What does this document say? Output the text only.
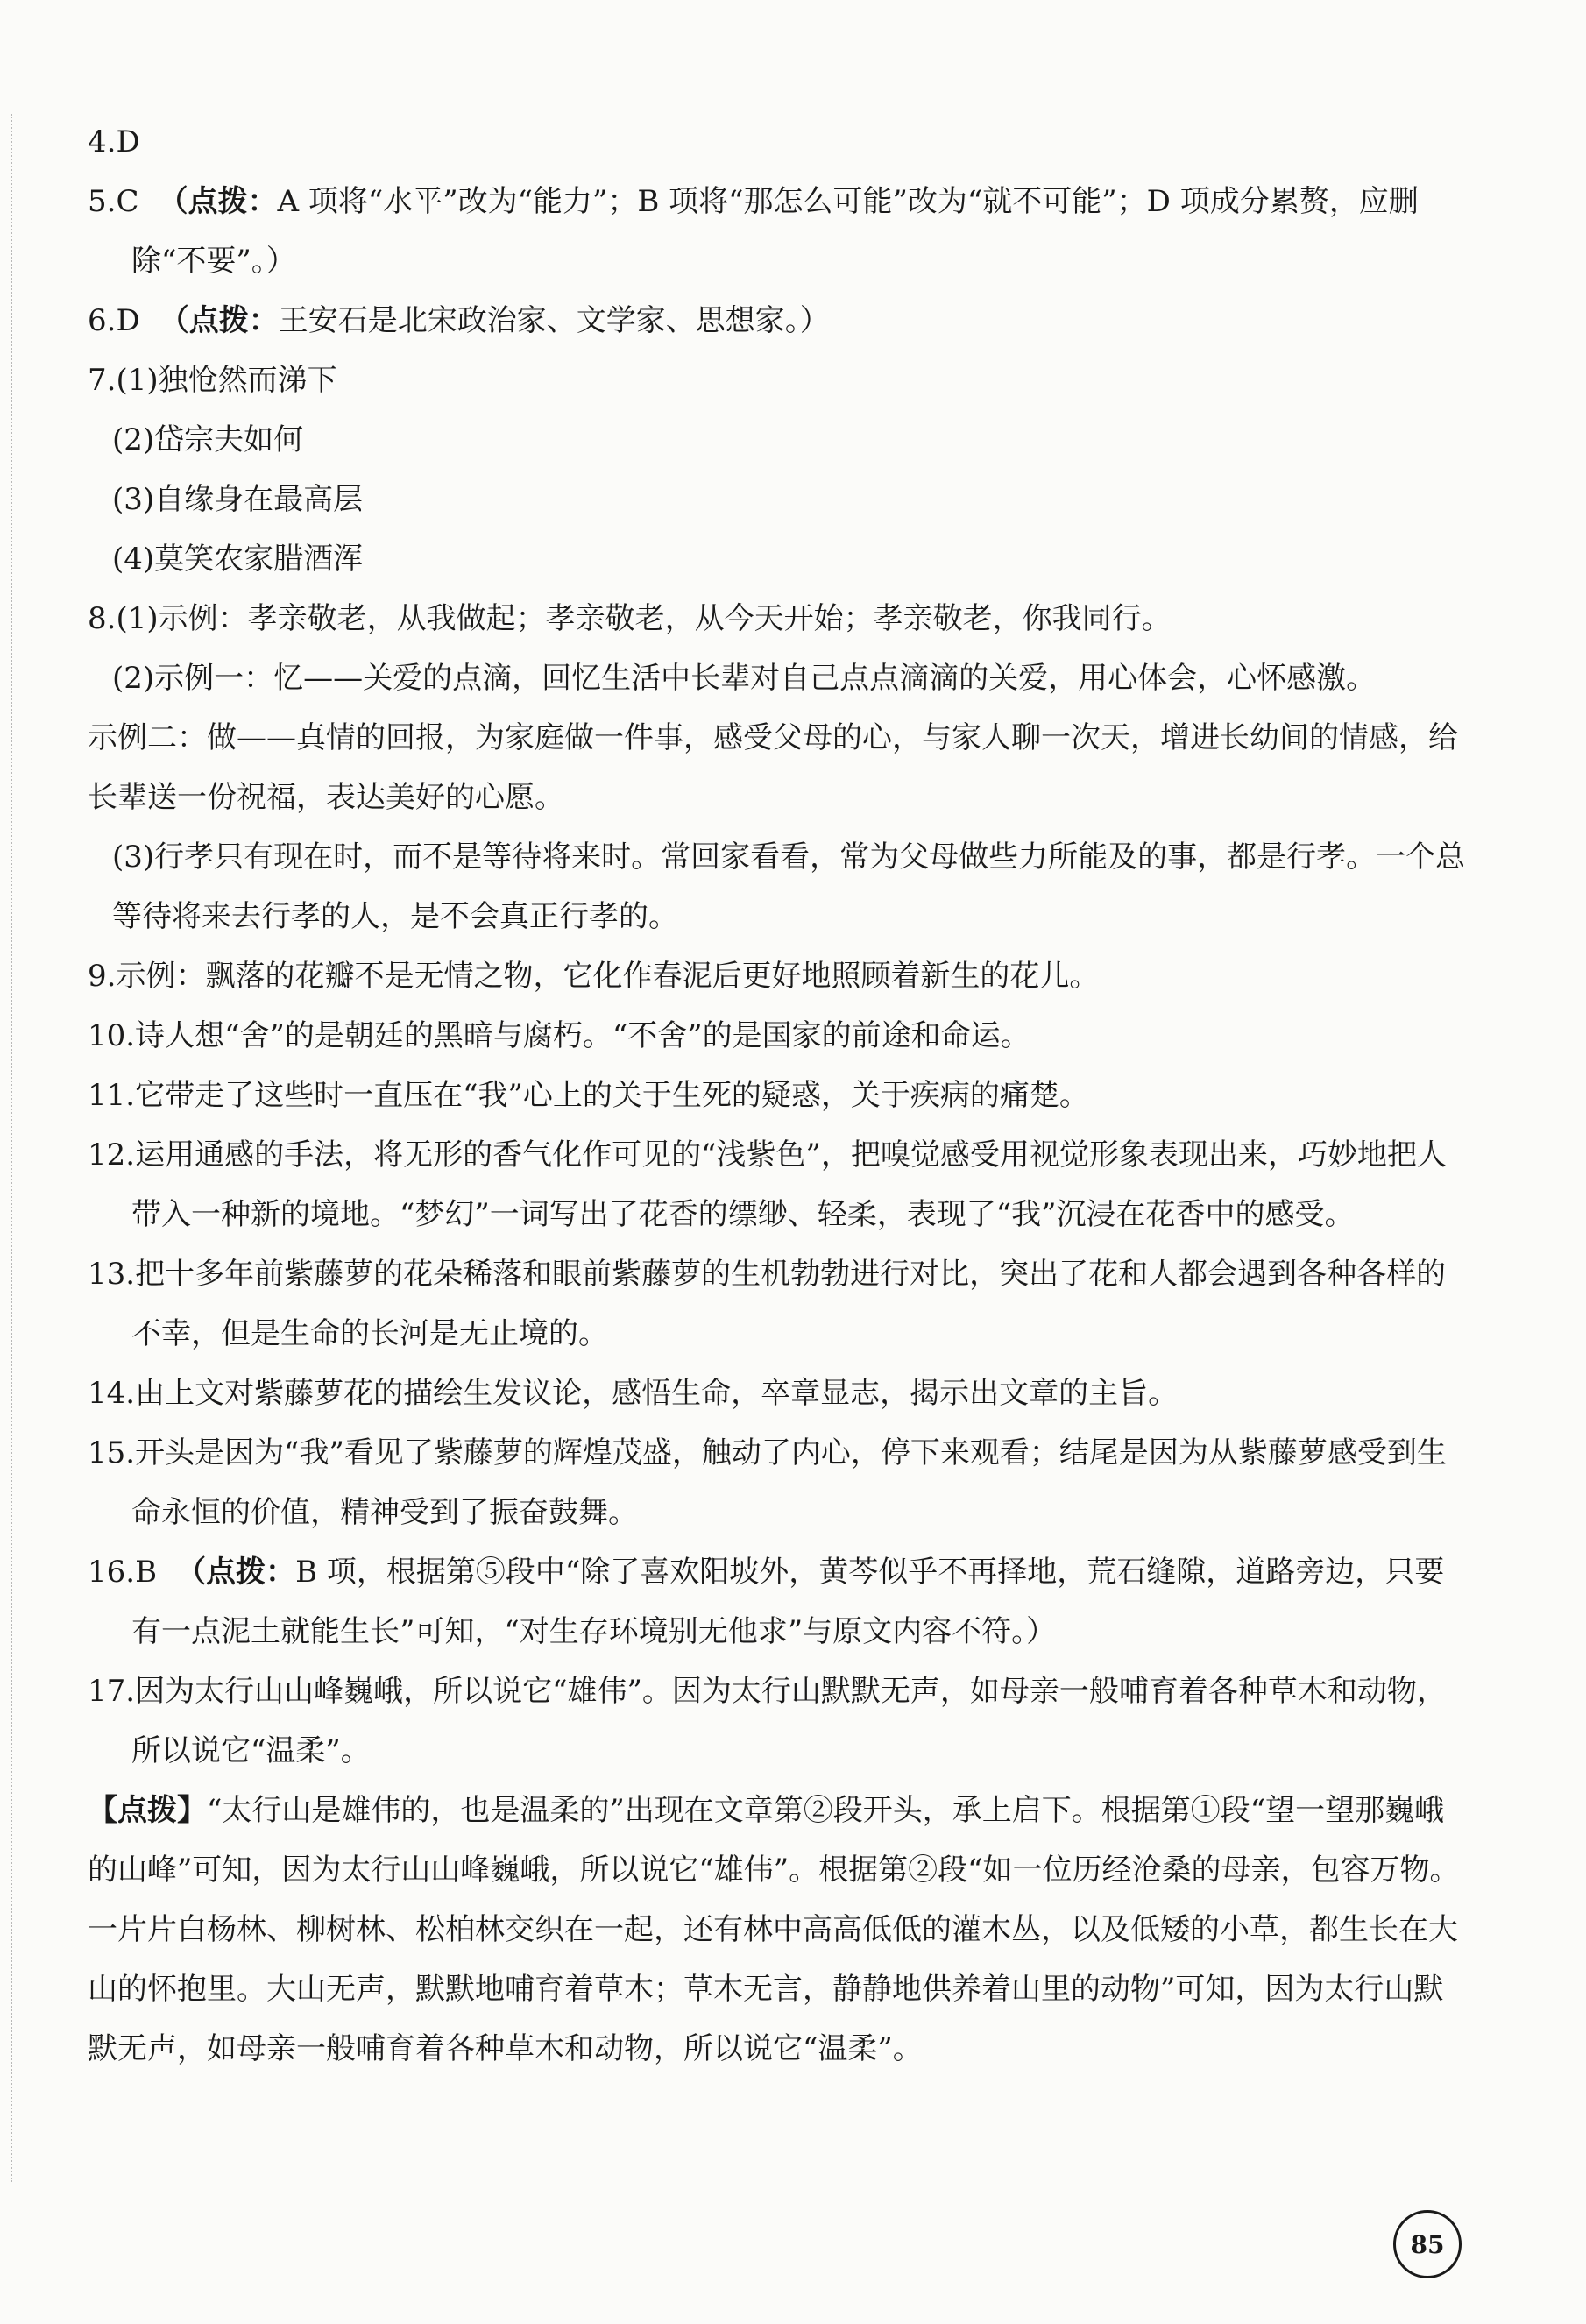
4.D

5.C （点拨：A 项将“水平”改为“能力”；B 项将“那怎么可能”改为“就不可能”；D 项成分累赘，应删除“不要”。）

6.D （点拨：王安石是北宋政治家、文学家、思想家。）

7.(1)独怆然而涕下

(2)岱宗夫如何

(3)自缘身在最高层

(4)莫笑农家腊酒浑

8.(1)示例：孝亲敬老，从我做起；孝亲敬老，从今天开始；孝亲敬老，你我同行。

(2)示例一：忆——关爱的点滴，回忆生活中长辈对自己点点滴滴的关爱，用心体会，心怀感激。

示例二：做——真情的回报，为家庭做一件事，感受父母的心，与家人聊一次天，增进长幼间的情感，给长辈送一份祝福，表达美好的心愿。

(3)行孝只有现在时，而不是等待将来时。常回家看看，常为父母做些力所能及的事，都是行孝。一个总等待将来去行孝的人，是不会真正行孝的。

9.示例：飘落的花瓣不是无情之物，它化作春泥后更好地照顾着新生的花儿。

10.诗人想“舍”的是朝廷的黑暗与腐朽。“不舍”的是国家的前途和命运。

11.它带走了这些时一直压在“我”心上的关于生死的疑惑，关于疾病的痛楚。

12.运用通感的手法，将无形的香气化作可见的“浅紫色”，把嗅觉感受用视觉形象表现出来，巧妙地把人带入一种新的境地。“梦幻”一词写出了花香的缥缈、轻柔，表现了“我”沉浸在花香中的感受。

13.把十多年前紫藤萝的花朵稀落和眼前紫藤萝的生机勃勃进行对比，突出了花和人都会遇到各种各样的不幸，但是生命的长河是无止境的。

14.由上文对紫藤萝花的描绘生发议论，感悟生命，卒章显志，揭示出文章的主旨。

15.开头是因为“我”看见了紫藤萝的辉煌茂盛，触动了内心，停下来观看；结尾是因为从紫藤萝感受到生命永恒的价值，精神受到了振奋鼓舞。

16.B （点拨：B 项，根据第⑤段中“除了喜欢阳坡外，黄芩似乎不再择地，荒石缝隙，道路旁边，只要有一点泥土就能生长”可知，“对生存环境别无他求”与原文内容不符。）

17.因为太行山山峰巍峨，所以说它“雄伟”。因为太行山默默无声，如母亲一般哺育着各种草木和动物，所以说它“温柔”。

【点拨】“太行山是雄伟的，也是温柔的”出现在文章第②段开头，承上启下。根据第①段“望一望那巍峨的山峰”可知，因为太行山山峰巍峨，所以说它“雄伟”。根据第②段“如一位历经沧桑的母亲，包容万物。一片片白杨林、柳树林、松柏林交织在一起，还有林中高高低低的灌木丛，以及低矮的小草，都生长在大山的怀抱里。大山无声，默默地哺育着草木；草木无言，静静地供养着山里的动物”可知，因为太行山默默无声，如母亲一般哺育着各种草木和动物，所以说它“温柔”。

85
